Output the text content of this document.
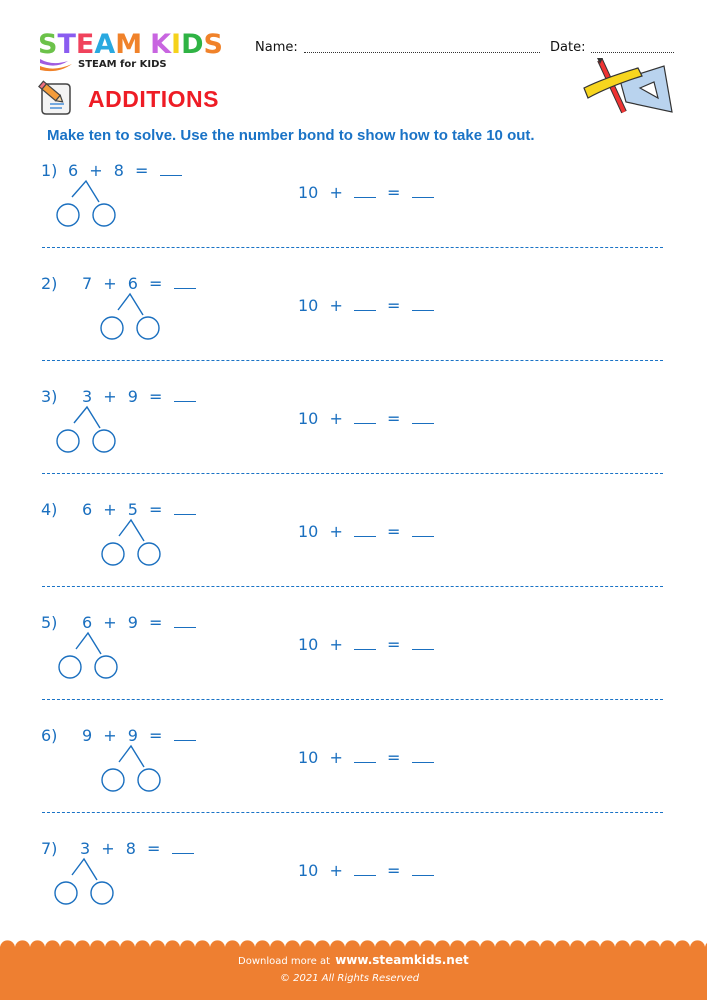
STEAM KIDS
STEAM for KIDS
Name:	Date:
ADDITIONS
Make ten to solve. Use the number bond to show how to take 10 out.
1) 6 + 8 =
10 +  =
2) 7 + 6 =
10 +  =
3) 3 + 9 =
10 +  =
4) 6 + 5 =
10 +  =
5) 6 + 9 =
10 +  =
6) 9 + 9 =
10 +  =
7) 3 + 8 =
10 +  =
Download more at www.steamkids.net
© 2021 All Rights Reserved
